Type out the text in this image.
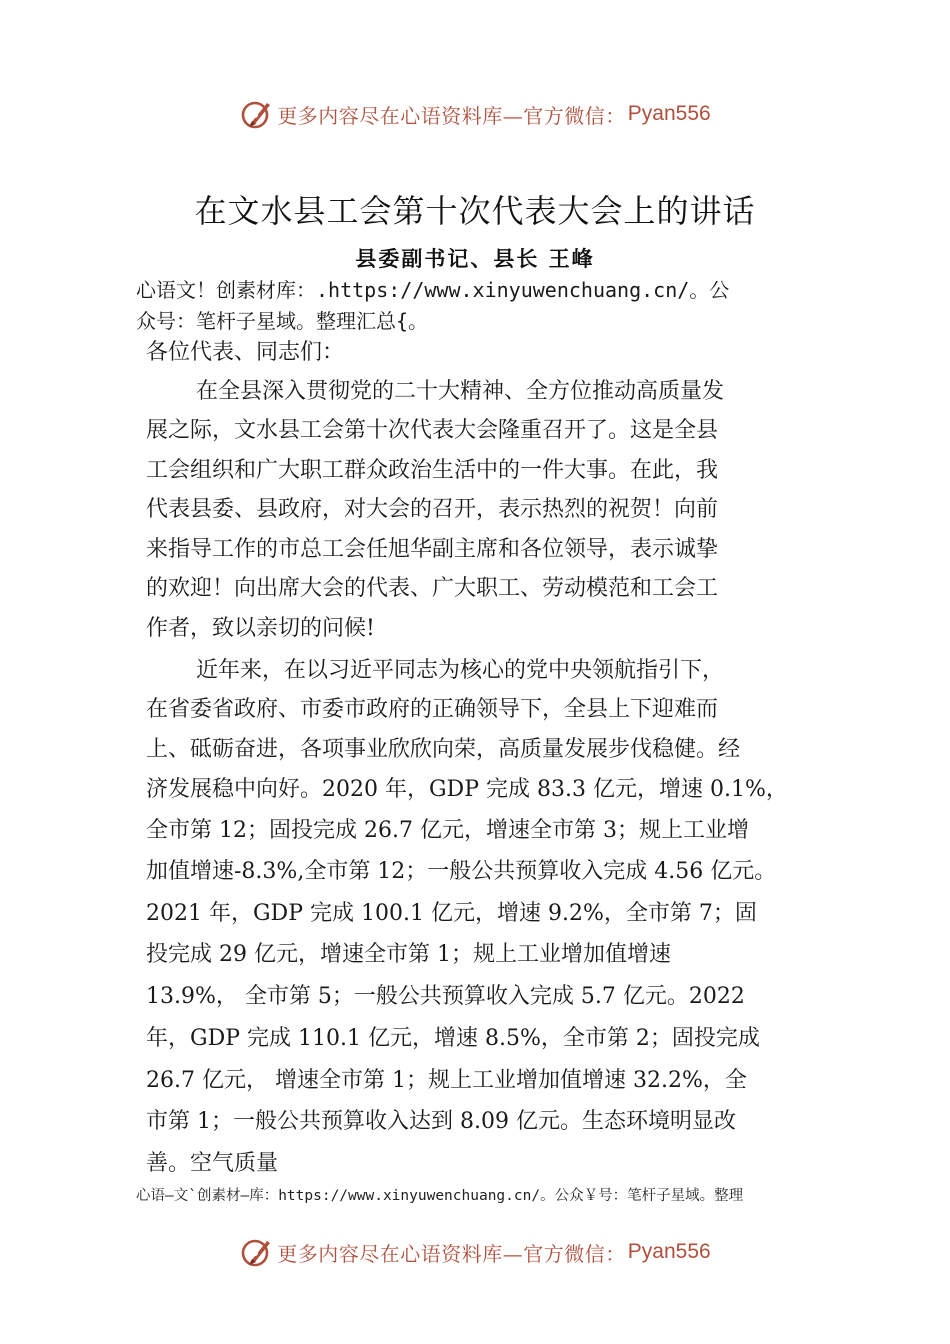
更多内容尽在心语资料库—官方微信： Pyan556
在文水县工会第十次代表大会上的讲话
县委副书记、县长 王峰
心语文！创素材库：.https://www.xinyuwenchuang.cn/。公
众号：笔杆子星域。整理汇总{。
各位代表、同志们：
在全县深入贯彻党的二十大精神、全方位推动高质量发
展之际，文水县工会第十次代表大会隆重召开了。这是全县
工会组织和广大职工群众政治生活中的一件大事。在此，我
代表县委、县政府，对大会的召开，表示热烈的祝贺！向前
来指导工作的市总工会任旭华副主席和各位领导，表示诚挚
的欢迎！向出席大会的代表、广大职工、劳动模范和工会工
作者，致以亲切的问候!
近年来，在以习近平同志为核心的党中央领航指引下，
在省委省政府、市委市政府的正确领导下，全县上下迎难而
上、砥砺奋进，各项事业欣欣向荣，高质量发展步伐稳健。经
济发展稳中向好。2020 年，GDP 完成 83.3 亿元，增速 0.1%，
全市第 12；固投完成 26.7 亿元，增速全市第 3；规上工业增
加值增速-8.3%,全市第 12；一般公共预算收入完成 4.56 亿元。
2021 年，GDP 完成 100.1 亿元，增速 9.2%，全市第 7；固
投完成 29 亿元，增速全市第 1；规上工业增加值增速
13.9%， 全市第 5；一般公共预算收入完成 5.7 亿元。2022
年，GDP 完成 110.1 亿元，增速 8.5%，全市第 2；固投完成
26.7 亿元， 增速全市第 1；规上工业增加值增速 32.2%，全
市第 1；一般公共预算收入达到 8.09 亿元。生态环境明显改
善。空气质量
心语—文`创素材—库：https://www.xinyuwenchuang.cn/。公众￥号：笔杆子星域。整理
更多内容尽在心语资料库—官方微信： Pyan556
